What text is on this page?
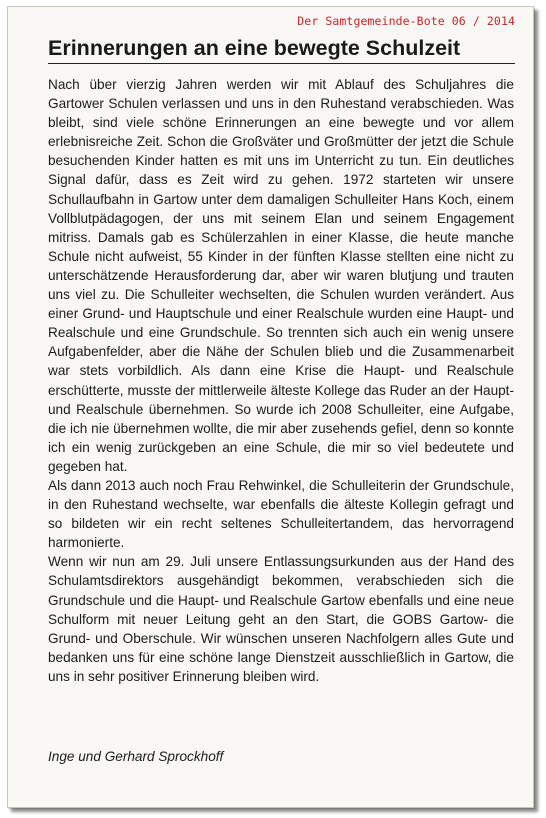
Der Samtgemeinde-Bote 06 / 2014
Erinnerungen an eine bewegte Schulzeit

Nach über vierzig Jahren werden wir mit Ablauf des Schuljahres die Gartower Schulen verlassen und uns in den Ruhestand verabschieden. Was bleibt, sind viele schöne Erinnerungen an eine bewegte und vor allem erlebnisreiche Zeit. Schon die Großväter und Großmütter der jetzt die Schule besuchenden Kinder hatten es mit uns im Unterricht zu tun. Ein deutliches Signal dafür, dass es Zeit wird zu gehen. 1972 starteten wir unsere Schullaufbahn in Gartow unter dem damaligen Schulleiter Hans Koch, einem Vollblutpädagogen, der uns mit seinem Elan und seinem Engagement mitriss. Damals gab es Schülerzahlen in einer Klasse, die heute manche Schule nicht aufweist, 55 Kinder in der fünften Klasse stellten eine nicht zu unterschätzende Herausforderung dar, aber wir waren blutjung und trauten uns viel zu. Die Schulleiter wechselten, die Schulen wurden verändert. Aus einer Grund- und Hauptschule und einer Realschule wurden eine Haupt- und Realschule und eine Grundschule. So trennten sich auch ein wenig unsere Aufgabenfelder, aber die Nähe der Schulen blieb und die Zusammenarbeit war stets vorbildlich. Als dann eine Krise die Haupt- und Realschule erschütterte, musste der mittlerweile älteste Kollege das Ruder an der Haupt- und Realschule übernehmen. So wurde ich 2008 Schulleiter, eine Aufgabe, die ich nie übernehmen wollte, die mir aber zusehends gefiel, denn so konnte ich ein wenig zurückgeben an eine Schule, die mir so viel bedeutete und gegeben hat.

Als dann 2013 auch noch Frau Rehwinkel, die Schulleiterin der Grundschule, in den Ruhestand wechselte, war ebenfalls die älteste Kollegin gefragt und so bildeten wir ein recht seltenes Schulleitertandem, das hervorragend harmonierte.

Wenn wir nun am 29. Juli unsere Entlassungsurkunden aus der Hand des Schulamtsdirektors ausgehändigt bekommen, verabschieden sich die Grundschule und die Haupt- und Realschule Gartow ebenfalls und eine neue Schulform mit neuer Leitung geht an den Start, die GOBS Gartow- die Grund- und Oberschule. Wir wünschen unseren Nachfolgern alles Gute und bedanken uns für eine schöne lange Dienstzeit ausschließlich in Gartow, die uns in sehr positiver Erinnerung bleiben wird.

Inge und Gerhard Sprockhoff
